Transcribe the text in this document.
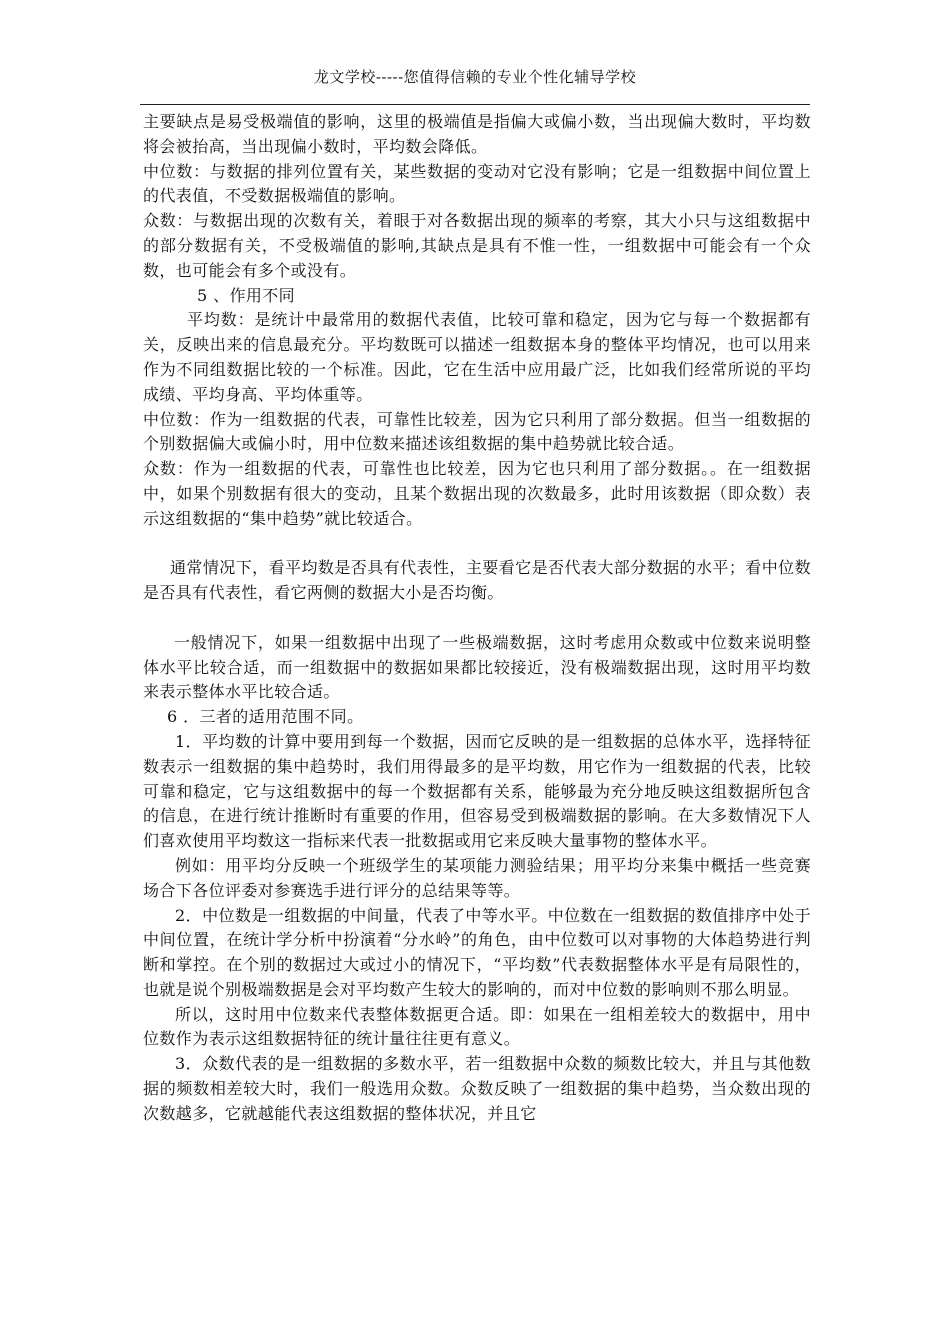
龙文学校-----您值得信赖的专业个性化辅导学校

主要缺点是易受极端值的影响，这里的极端值是指偏大或偏小数，当出现偏大数时，平均数将会被抬高，当出现偏小数时，平均数会降低。

中位数：与数据的排列位置有关，某些数据的变动对它没有影响；它是一组数据中间位置上的代表值，不受数据极端值的影响。

众数：与数据出现的次数有关，着眼于对各数据出现的频率的考察，其大小只与这组数据中的部分数据有关，不受极端值的影响,其缺点是具有不惟一性，一组数据中可能会有一个众数，也可能会有多个或没有。

5 、作用不同

平均数：是统计中最常用的数据代表值，比较可靠和稳定，因为它与每一个数据都有关，反映出来的信息最充分。平均数既可以描述一组数据本身的整体平均情况，也可以用来作为不同组数据比较的一个标准。因此，它在生活中应用最广泛，比如我们经常所说的平均成绩、平均身高、平均体重等。

中位数：作为一组数据的代表，可靠性比较差，因为它只利用了部分数据。但当一组数据的个别数据偏大或偏小时，用中位数来描述该组数据的集中趋势就比较合适。

众数：作为一组数据的代表，可靠性也比较差，因为它也只利用了部分数据。。在一组数据中，如果个别数据有很大的变动，且某个数据出现的次数最多，此时用该数据（即众数）表示这组数据的“集中趋势”就比较适合。

通常情况下，看平均数是否具有代表性，主要看它是否代表大部分数据的水平；看中位数是否具有代表性，看它两侧的数据大小是否均衡。

一般情况下，如果一组数据中出现了一些极端数据，这时考虑用众数或中位数来说明整体水平比较合适，而一组数据中的数据如果都比较接近，没有极端数据出现，这时用平均数来表示整体水平比较合适。

6 ．三者的适用范围不同。

1．平均数的计算中要用到每一个数据，因而它反映的是一组数据的总体水平，选择特征数表示一组数据的集中趋势时，我们用得最多的是平均数，用它作为一组数据的代表，比较可靠和稳定，它与这组数据中的每一个数据都有关系，能够最为充分地反映这组数据所包含的信息，在进行统计推断时有重要的作用，但容易受到极端数据的影响。在大多数情况下人们喜欢使用平均数这一指标来代表一批数据或用它来反映大量事物的整体水平。

例如：用平均分反映一个班级学生的某项能力测验结果；用平均分来集中概括一些竞赛场合下各位评委对参赛选手进行评分的总结果等等。

2．中位数是一组数据的中间量，代表了中等水平。中位数在一组数据的数值排序中处于中间位置，在统计学分析中扮演着“分水岭”的角色，由中位数可以对事物的大体趋势进行判断和掌控。在个别的数据过大或过小的情况下，“平均数”代表数据整体水平是有局限性的，也就是说个别极端数据是会对平均数产生较大的影响的，而对中位数的影响则不那么明显。

所以，这时用中位数来代表整体数据更合适。即：如果在一组相差较大的数据中，用中位数作为表示这组数据特征的统计量往往更有意义。

3．众数代表的是一组数据的多数水平，若一组数据中众数的频数比较大，并且与其他数据的频数相差较大时，我们一般选用众数。众数反映了一组数据的集中趋势，当众数出现的次数越多，它就越能代表这组数据的整体状况，并且它
